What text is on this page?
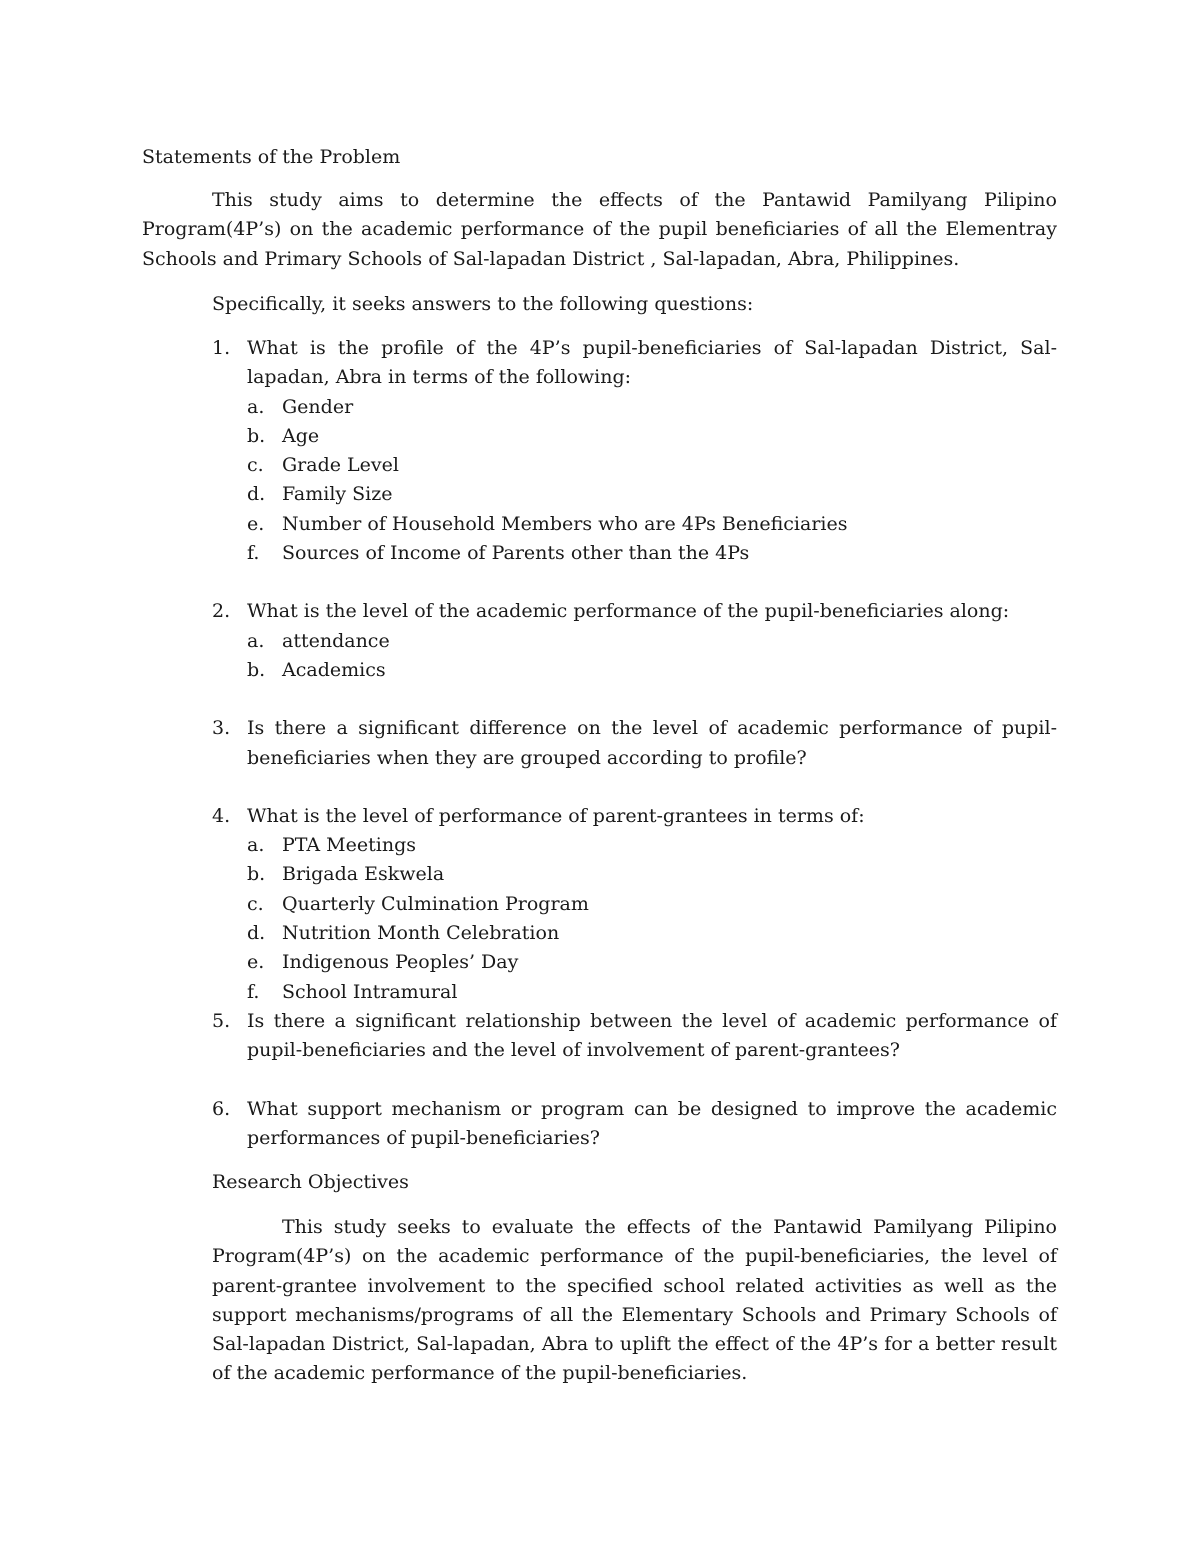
Statements of the Problem
This study aims to determine the effects of the Pantawid Pamilyang Pilipino Program(4P’s) on the academic performance of the pupil beneficiaries of all the Elementray Schools and Primary Schools of Sal-lapadan District , Sal-lapadan, Abra, Philippines.
Specifically, it seeks answers to the following questions:
1. What is the profile of the 4P’s pupil-beneficiaries of Sal-lapadan District, Sal-lapadan, Abra in terms of the following:
a. Gender
b. Age
c. Grade Level
d. Family Size
e. Number of Household Members who are 4Ps Beneficiaries
f. Sources of Income of Parents other than the 4Ps
2. What is the level of the academic performance of the pupil-beneficiaries along:
a. attendance
b. Academics
3. Is there a significant difference on the level of academic performance of pupil-beneficiaries when they are grouped according to profile?
4. What is the level of performance of parent-grantees in terms of:
a. PTA Meetings
b. Brigada Eskwela
c. Quarterly Culmination Program
d. Nutrition Month Celebration
e. Indigenous Peoples’ Day
f. School Intramural
5. Is there a significant relationship between the level of academic performance of pupil-beneficiaries and the level of involvement of parent-grantees?
6. What support mechanism or program can be designed to improve the academic performances of pupil-beneficiaries?
Research Objectives
This study seeks to evaluate the effects of the Pantawid Pamilyang Pilipino Program(4P’s) on the academic performance of the pupil-beneficiaries, the level of parent-grantee involvement to the specified school related activities as well as the support mechanisms/programs of all the Elementary Schools and Primary Schools of Sal-lapadan District, Sal-lapadan, Abra to uplift the effect of the 4P’s for a better result of the academic performance of the pupil-beneficiaries.
